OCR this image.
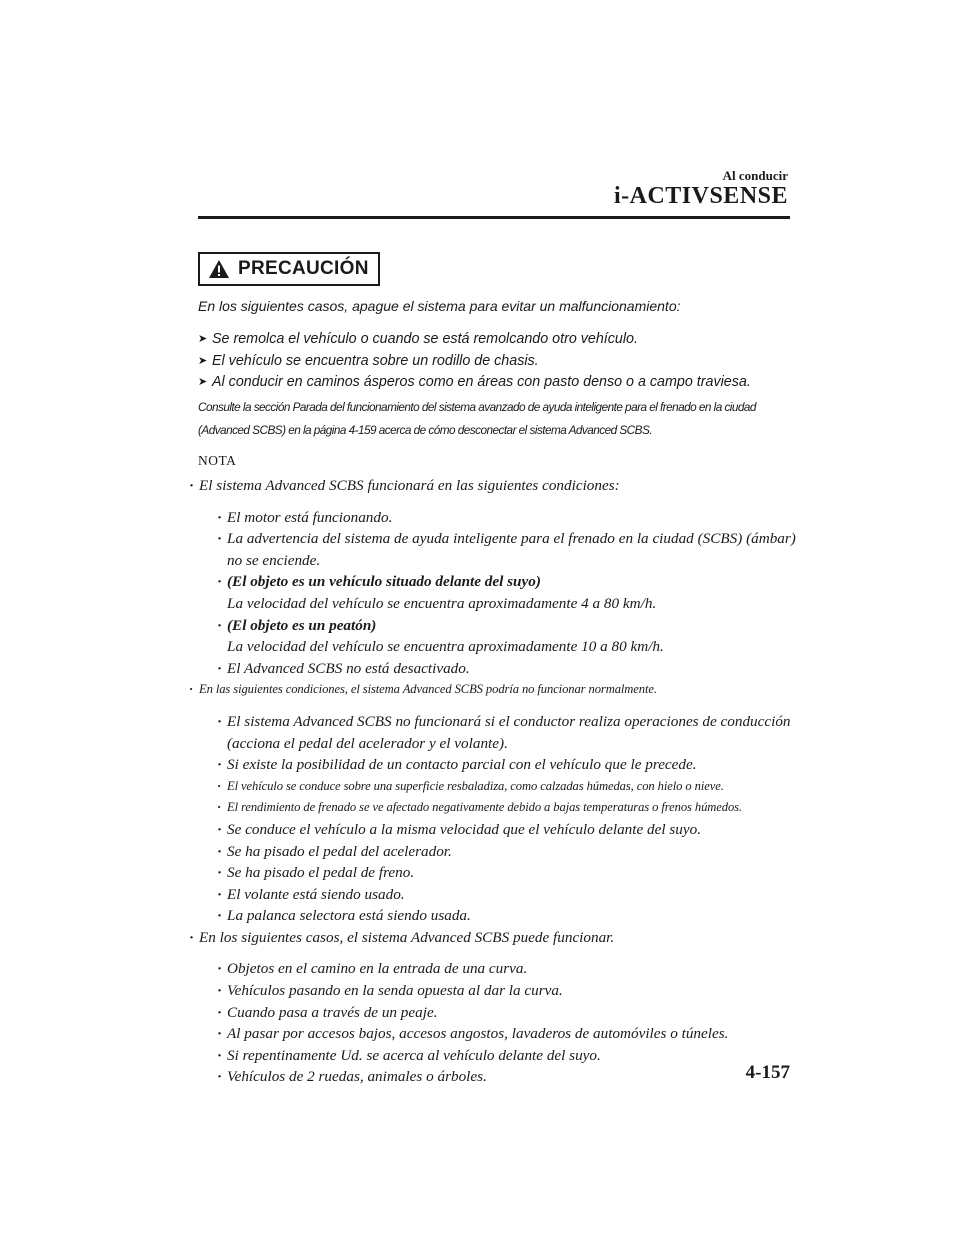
Al conducir
i-ACTIVSENSE
PRECAUCIÓN
En los siguientes casos, apague el sistema para evitar un malfuncionamiento:
➤ Se remolca el vehículo o cuando se está remolcando otro vehículo.
➤ El vehículo se encuentra sobre un rodillo de chasis.
➤ Al conducir en caminos ásperos como en áreas con pasto denso o a campo traviesa.
Consulte la sección Parada del funcionamiento del sistema avanzado de ayuda inteligente para el frenado en la ciudad (Advanced SCBS) en la página 4-159 acerca de cómo desconectar el sistema Advanced SCBS.
NOTA
· El sistema Advanced SCBS funcionará en las siguientes condiciones:
· El motor está funcionando.
· La advertencia del sistema de ayuda inteligente para el frenado en la ciudad (SCBS) (ámbar) no se enciende.
· (El objeto es un vehículo situado delante del suyo)
La velocidad del vehículo se encuentra aproximadamente 4 a 80 km/h.
· (El objeto es un peatón)
La velocidad del vehículo se encuentra aproximadamente 10 a 80 km/h.
· El Advanced SCBS no está desactivado.
· En las siguientes condiciones, el sistema Advanced SCBS podría no funcionar normalmente.
· El sistema Advanced SCBS no funcionará si el conductor realiza operaciones de conducción (acciona el pedal del acelerador y el volante).
· Si existe la posibilidad de un contacto parcial con el vehículo que le precede.
· El vehículo se conduce sobre una superficie resbaladiza, como calzadas húmedas, con hielo o nieve.
· El rendimiento de frenado se ve afectado negativamente debido a bajas temperaturas o frenos húmedos.
· Se conduce el vehículo a la misma velocidad que el vehículo delante del suyo.
· Se ha pisado el pedal del acelerador.
· Se ha pisado el pedal de freno.
· El volante está siendo usado.
· La palanca selectora está siendo usada.
· En los siguientes casos, el sistema Advanced SCBS puede funcionar.
· Objetos en el camino en la entrada de una curva.
· Vehículos pasando en la senda opuesta al dar la curva.
· Cuando pasa a través de un peaje.
· Al pasar por accesos bajos, accesos angostos, lavaderos de automóviles o túneles.
· Si repentinamente Ud. se acerca al vehículo delante del suyo.
· Vehículos de 2 ruedas, animales o árboles.	4-157
